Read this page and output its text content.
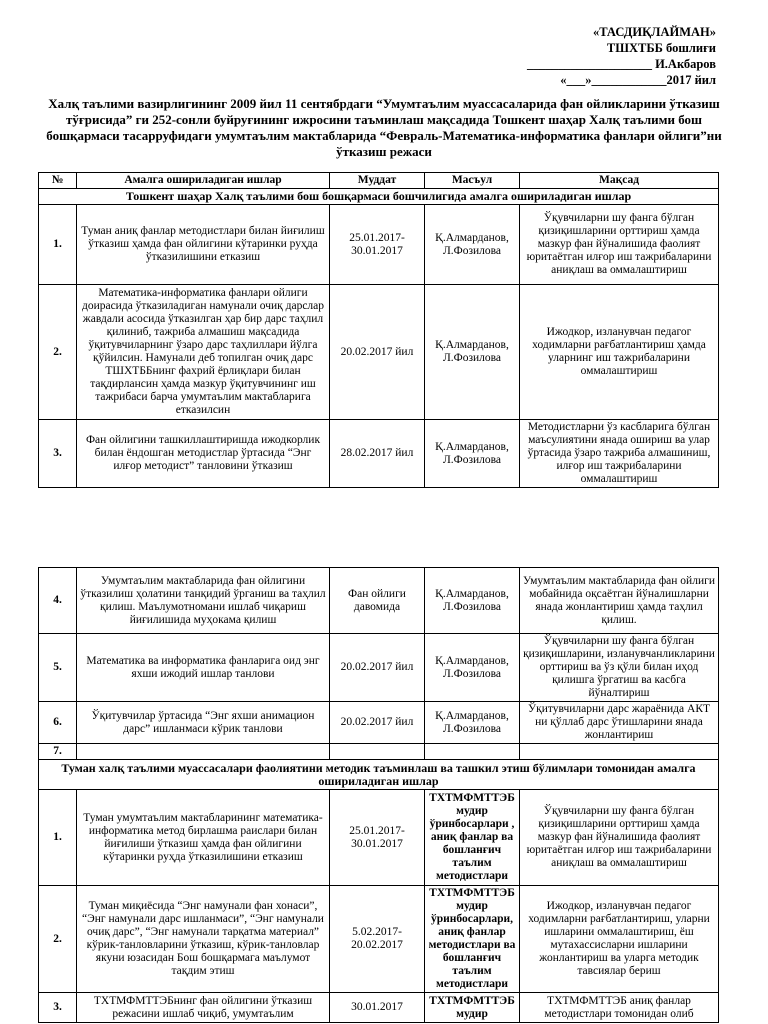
«ТАСДИҚЛАЙМАН»
ТШХТББ бошлиғи
____________________ И.Акбаров
«___»____________2017 йил
Халқ таълими вазирлигининг 2009 йил 11 сентябрдаги “Умумтаълим муассасаларида фан ойликларини ўтказиш тўғрисида” ги 252-сонли буйруғининг ижросини таъминлаш мақсадида Тошкент шаҳар Халқ таълими бош бошқармаси тасарруфидаги умумтаълим мактабларида “Февраль-Математика-информатика фанлари ойлиги”ни ўтказиш режаси
№	Амалга ошириладиган ишлар	Муддат	Масъул	Мақсад
Тошкент шаҳар Халқ таълими бош бошқармаси бошчилигида амалга ошириладиган ишлар				
1.	Туман аниқ фанлар методистлари билан йиғилиш ўтказиш ҳамда фан ойлигини кўтаринки руҳда ўтказилишини етказиш	25.01.2017-30.01.2017	Қ.Алмарданов, Л.Фозилова	Ўқувчиларни шу фанга бўлган қизиқишларини орттириш ҳамда мазкур фан йўналишида фаолият юритаётган илғор иш тажрибаларини аниқлаш ва оммалаштириш
2.	Математика-информатика фанлари ойлиги доирасида ўтказиладиган намунали очиқ дарслар жавдали асосида ўтказилган ҳар бир дарс таҳлил қилиниб, тажриба алмашиш мақсадида ўқитувчиларнинг ўзаро дарс таҳлиллари йўлга қўйилсин. Намунали деб топилган очиқ дарс ТШХТББнинг фахрий ёрлиқлари билан тақдирлансин ҳамда мазкур ўқитувчининг иш тажрибаси барча умумтаълим мактабларига етказилсин	20.02.2017 йил	Қ.Алмарданов, Л.Фозилова	Ижодкор, изланувчан педагог ходимларни рағбатлантириш ҳамда уларнинг иш тажрибаларини оммалаштириш
3.	Фан ойлигини ташкиллаштиришда ижодкорлик билан ёндошган методистлар ўртасида “Энг илғор методист” танловини ўтказиш	28.02.2017 йил	Қ.Алмарданов, Л.Фозилова	Методистларни ўз касбларига бўлган маъсулиятини янада ошириш ва улар ўртасида ўзаро тажриба алмашиниш, илғор иш тажрибаларини оммалаштириш
4.	Умумтаълим мактабларида фан ойлигини ўтказилиш ҳолатини танқидий ўрганиш ва таҳлил қилиш. Маълумотномани ишлаб чиқариш йиғилишида муҳокама қилиш	Фан ойлиги давомида	Қ.Алмарданов, Л.Фозилова	Умумтаълим мактабларида фан ойлиги мобайнида оқсаётган йўналишларни янада жонлантириш ҳамда таҳлил қилиш.
5.	Математика ва информатика фанларига оид энг яхши ижодий ишлар танлови	20.02.2017 йил	Қ.Алмарданов, Л.Фозилова	Ўқувчиларни шу фанга бўлган қизиқишларини, изланувчанликларини орттириш ва ўз қўли билан иҳод қилишга ўргатиш ва касбга йўналтириш
6.	Ўқитувчилар ўртасида “Энг яхши анимацион дарс” ишланмаси кўрик танлови	20.02.2017 йил	Қ.Алмарданов, Л.Фозилова	Ўқитувчиларни дарс жараёнида АКТ ни қўллаб дарс ўтишларини янада жонлантириш
7.				
Туман халқ таълими муассасалари фаолиятини методик таъминлаш ва ташкил этиш бўлимлари томонидан амалга ошириладиган ишлар				
1.	Туман умумтаълим мактабларининг математика-информатика метод бирлашма раислари билан йиғилиши ўтказиш ҳамда фан ойлигини кўтаринки руҳда ўтказилишини етказиш	25.01.2017-30.01.2017	ТХТМФМТТЭБ мудир ўринбосарлари , аниқ фанлар ва бошланғич таълим методистлари	Ўқувчиларни шу фанга бўлган қизиқишларини орттириш ҳамда мазкур фан йўналишида фаолият юритаётган илғор иш тажрибаларини аниқлаш ва оммалаштириш
2.	Туман миқиёсида “Энг намунали фан хонаси”, “Энг намунали дарс ишланмаси”, “Энг намунали очиқ дарс”, “Энг намунали тарқатма материал” кўрик-танловларини ўтказиш, кўрик-танловлар якуни юзасидан Бош бошқармага маълумот тақдим этиш	5.02.2017-20.02.2017	ТХТМФМТТЭБ мудир ўринбосарлари, аниқ фанлар методистлари ва бошланғич таълим методистлари	Ижодкор, изланувчан педагог ходимларни рағбатлантириш, уларни ишларини оммалаштириш, ёш мутахассисларни ишларини жонлантириш ва уларга методик тавсиялар бериш
3.	ТХТМФМТТЭБнинг фан ойлигини ўтказиш режасини ишлаб чиқиб, умумтаълим	30.01.2017	ТХТМФМТТЭБ мудир	ТХТМФМТТЭБ аниқ фанлар методистлари томонидан олиб
